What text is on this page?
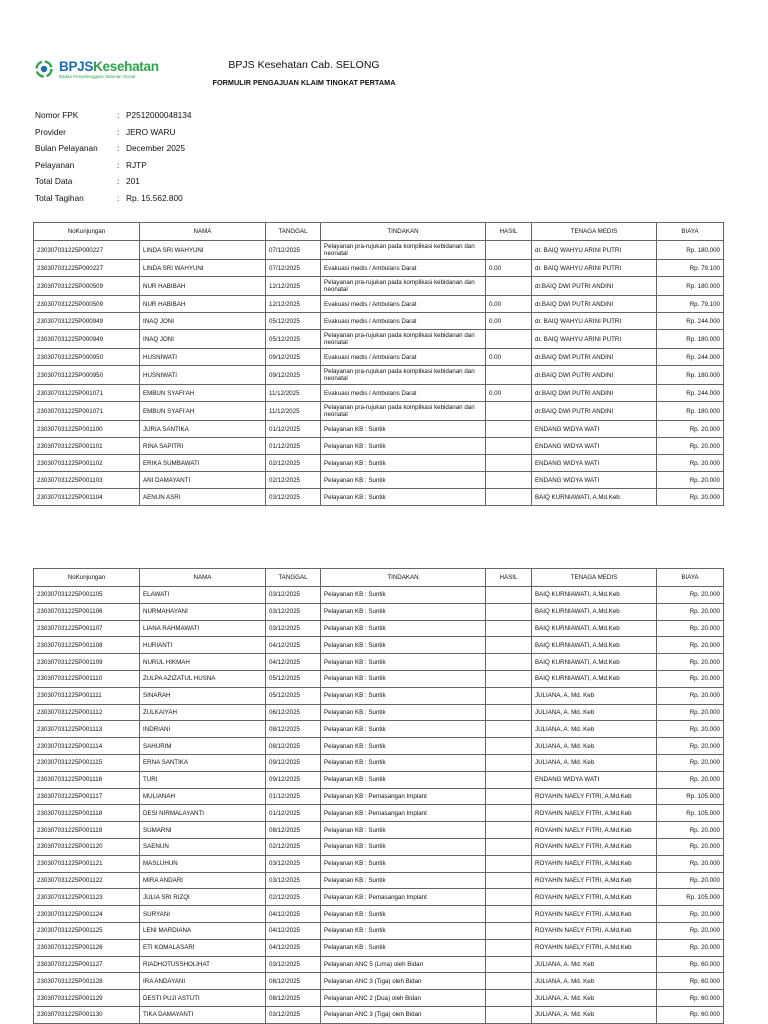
BPJSKesehatan
Badan Penyelenggara Jaminan Sosial
BPJS Kesehatan Cab. SELONG
FORMULIR PENGAJUAN KLAIM TINGKAT PERTAMA
Nomor FPK	: P2512000048134
Provider	: JERO WARU
Bulan Pelayanan : December 2025
Pelayanan	: RJTP
Total Data	: 201
Total Tagihan	: Rp. 15.562.800
NoKunjungan	NAMA	TANGGAL	TINDAKAN	HASIL	TENAGA MEDIS	BIAYA
230307031225P000227	LINDA SRI WAHYUNI	07/12/2025	Pelayanan pra-rujukan pada komplikasi kebidanan dan neonatal		dr. BAIQ WAHYU ARINI PUTRI	Rp. 180.000
230307031225P000227	LINDA SRI WAHYUNI	07/12/2025	Evakuasi medis / Ambulans Darat	0.00	dr. BAIQ WAHYU ARINI PUTRI	Rp. 79.100
230307031225P000509	NUR HABIBAH	12/12/2025	Pelayanan pra-rujukan pada komplikasi kebidanan dan neonatal		dr.BAIQ DWI PUTRI ANDINI	Rp. 180.000
230307031225P000509	NUR HABIBAH	12/12/2025	Evakuasi medis / Ambulans Darat	0.00	dr.BAIQ DWI PUTRI ANDINI	Rp. 79.100
230307031225P000949	INAQ JONI	05/12/2025	Evakuasi medis / Ambulans Darat	0.00	dr. BAIQ WAHYU ARINI PUTRI	Rp. 244.000
230307031225P000949	INAQ JONI	05/12/2025	Pelayanan pra-rujukan pada komplikasi kebidanan dan neonatal		dr. BAIQ WAHYU ARINI PUTRI	Rp. 180.000
230307031225P000950	HUSNIWATI	09/12/2025	Evakuasi medis / Ambulans Darat	0.00	dr.BAIQ DWI PUTRI ANDINI	Rp. 244.000
230307031225P000950	HUSNIWATI	09/12/2025	Pelayanan pra-rujukan pada komplikasi kebidanan dan neonatal		dr.BAIQ DWI PUTRI ANDINI	Rp. 180.000
230307031225P001071	EMBUN SYAFI'AH	11/12/2025	Evakuasi medis / Ambulans Darat	0.00	dr.BAIQ DWI PUTRI ANDINI	Rp. 244.000
230307031225P001071	EMBUN SYAFI'AH	11/12/2025	Pelayanan pra-rujukan pada komplikasi kebidanan dan neonatal		dr.BAIQ DWI PUTRI ANDINI	Rp. 180.000
230307031225P001100	JURIA SANTIKA	01/12/2025	Pelayanan KB : Suntik		ENDANG WIDYA WATI	Rp. 20.000
230307031225P001101	RINA SAPITRI	01/12/2025	Pelayanan KB : Suntik		ENDANG WIDYA WATI	Rp. 20.000
230307031225P001102	ERIKA SUMBAWATI	02/12/2025	Pelayanan KB : Suntik		ENDANG WIDYA WATI	Rp. 20.000
230307031225P001103	ANI DAMAYANTI	02/12/2025	Pelayanan KB : Suntik		ENDANG WIDYA WATI	Rp. 20.000
230307031225P001104	AENUN ASRI	03/12/2025	Pelayanan KB : Suntik		BAIQ KURNIAWATI, A.Md.Keb	Rp. 20.000
NoKunjungan	NAMA	TANGGAL	TINDAKAN	HASIL	TENAGA MEDIS	BIAYA
230307031225P001105	ELAWATI	03/12/2025	Pelayanan KB : Suntik		BAIQ KURNIAWATI, A.Md.Keb	Rp. 20.000
230307031225P001106	NURMAHAYANI	03/12/2025	Pelayanan KB : Suntik		BAIQ KURNIAWATI, A.Md.Keb	Rp. 20.000
230307031225P001107	LIANA RAHMAWATI	03/12/2025	Pelayanan KB : Suntik		BAIQ KURNIAWATI, A.Md.Keb	Rp. 20.000
230307031225P001108	HURIANTI	04/12/2025	Pelayanan KB : Suntik		BAIQ KURNIAWATI, A.Md.Keb	Rp. 20.000
230307031225P001109	NURUL HIKMAH	04/12/2025	Pelayanan KB : Suntik		BAIQ KURNIAWATI, A.Md.Keb	Rp. 20.000
230307031225P001110	ZULPA AZIZATUL HUSNA	05/12/2025	Pelayanan KB : Suntik		BAIQ KURNIAWATI, A.Md.Keb	Rp. 20.000
230307031225P001111	SINARAH	05/12/2025	Pelayanan KB : Suntik		JULIANA, A. Md. Keb	Rp. 20.000
230307031225P001112	ZULKAIYAH	06/12/2025	Pelayanan KB : Suntik		JULIANA, A. Md. Keb	Rp. 20.000
230307031225P001113	INDRIANI	08/12/2025	Pelayanan KB : Suntik		JULIANA, A. Md. Keb	Rp. 20.000
230307031225P001114	SAHURIM	08/12/2025	Pelayanan KB : Suntik		JULIANA, A. Md. Keb	Rp. 20.000
230307031225P001115	ERNA SANTIKA	09/12/2025	Pelayanan KB : Suntik		JULIANA, A. Md. Keb	Rp. 20.000
230307031225P001116	TURI	09/12/2025	Pelayanan KB : Suntik		ENDANG WIDYA WATI	Rp. 20.000
230307031225P001117	MULIANAH	01/12/2025	Pelayanan KB : Pemasangan Implant		ROYAHIN NAELY FITRI, A.Md.Keb	Rp. 105.000
230307031225P001118	DESI NIRMALAYANTI	01/12/2025	Pelayanan KB : Pemasangan Implant		ROYAHIN NAELY FITRI, A.Md.Keb	Rp. 105.000
230307031225P001119	SUMARNI	08/12/2025	Pelayanan KB : Suntik		ROYAHIN NAELY FITRI, A.Md.Keb	Rp. 20.000
230307031225P001120	SAENUN	02/12/2025	Pelayanan KB : Suntik		ROYAHIN NAELY FITRI, A.Md.Keb	Rp. 20.000
230307031225P001121	MASLUHUN	03/12/2025	Pelayanan KB : Suntik		ROYAHIN NAELY FITRI, A.Md.Keb	Rp. 20.000
230307031225P001122	MIRA ANDARI	03/12/2025	Pelayanan KB : Suntik		ROYAHIN NAELY FITRI, A.Md.Keb	Rp. 20.000
230307031225P001123	JULIA SRI RIZQI	02/12/2025	Pelayanan KB : Pemasangan Implant		ROYAHIN NAELY FITRI, A.Md.Keb	Rp. 105.000
230307031225P001124	SURYANI	04/12/2025	Pelayanan KB : Suntik		ROYAHIN NAELY FITRI, A.Md.Keb	Rp. 20.000
230307031225P001125	LENI MARDIANA	04/12/2025	Pelayanan KB : Suntik		ROYAHIN NAELY FITRI, A.Md.Keb	Rp. 20.000
230307031225P001126	ETI KOMALASARI	04/12/2025	Pelayanan KB : Suntik		ROYAHIN NAELY FITRI, A.Md.Keb	Rp. 20.000
230307031225P001127	RIADHOTUSSHOLIHAT	03/12/2025	Pelayanan ANC 5 (Lima) oleh Bidan		JULIANA, A. Md. Keb	Rp. 60.000
230307031225P001128	IRA ANDAYANI	08/12/2025	Pelayanan ANC 3 (Tiga) oleh Bidan		JULIANA, A. Md. Keb	Rp. 60.000
230307031225P001129	DESTI PUJI ASTUTI	08/12/2025	Pelayanan ANC 2 (Dua) oleh Bidan		JULIANA, A. Md. Keb	Rp. 60.000
230307031225P001130	TIKA DAMAYANTI	03/12/2025	Pelayanan ANC 3 (Tiga) oleh Bidan		JULIANA, A. Md. Keb	Rp. 60.000
